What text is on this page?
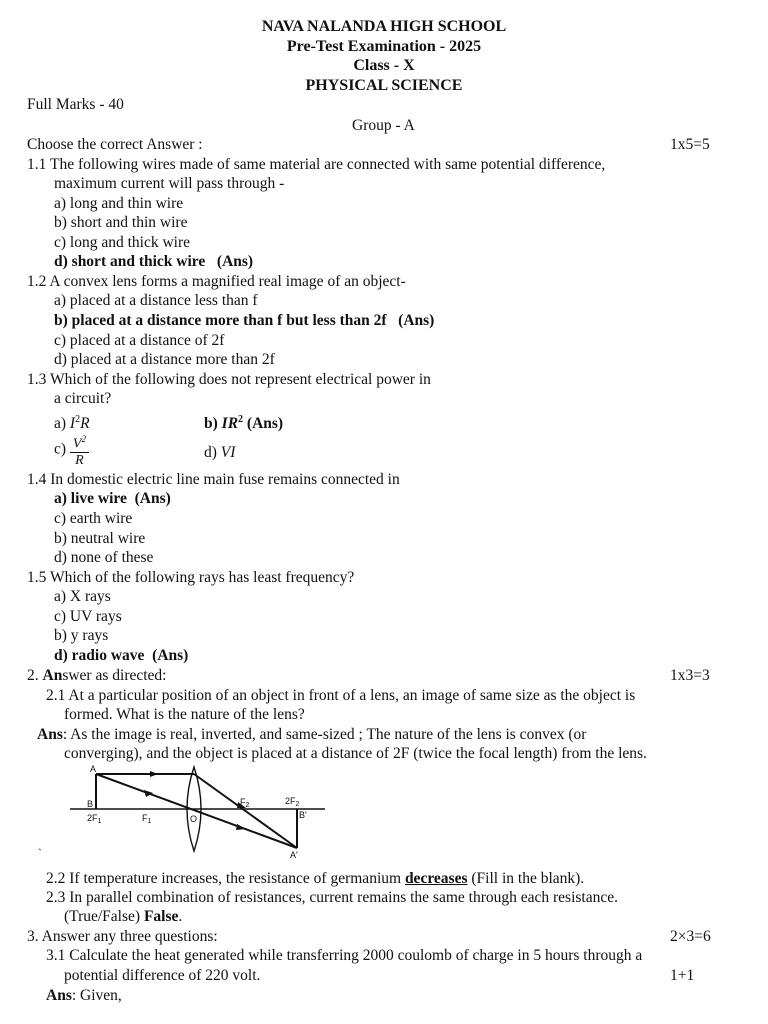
NAVA NALANDA HIGH SCHOOL
Pre-Test Examination - 2025
Class - X
PHYSICAL SCIENCE
Full Marks - 40
Group - A
Choose the correct Answer :	1x5=5
1.1 The following wires made of same material are connected with same potential difference,
maximum current will pass through -
a) long and thin wire
b) short and thin wire
c) long and thick wire
d) short and thick wire (Ans)
1.2 A convex lens forms a magnified real image of an object-
a) placed at a distance less than f
b) placed at a distance more than f but less than 2f (Ans)
c) placed at a distance of 2f
d) placed at a distance more than 2f
1.3 Which of the following does not represent electrical power in
a circuit?
a) $I^2R$	b) $IR^2$ (Ans)
$c) \frac{V^2}{R}$	d) VI
1.4 In domestic electric line main fuse remains connected in
a) live wire (Ans)
c) earth wire
b) neutral wire
d) none of these
1.5 Which of the following rays has least frequency?
a) X rays
c) UV rays
b) y rays
d) radio wave (Ans)
2. Answer as directed:	1x3=3
2.1 At a particular position of an object in front of a lens, an image of same size as the object is
formed. What is the nature of the lens?
Ans: As the image is real, inverted, and same-sized ; The nature of the lens is convex (or
converging), and the object is placed at a distance of 2F (twice the focal length) from the lens.
A
B
$2F_1$	$F_1$	O
$F_2$	$2F_2$
B'
A'
`
2.2 If temperature increases, the resistance of germanium decreases (Fill in the blank).
2.3 In parallel combination of resistances, current remains the same through each resistance.
(True/False) False.
3. Answer any three questions:	2×3=6
3.1 Calculate the heat generated while transferring 2000 coulomb of charge in 5 hours through a
potential difference of 220 volt.	1+1
Ans: Given,
